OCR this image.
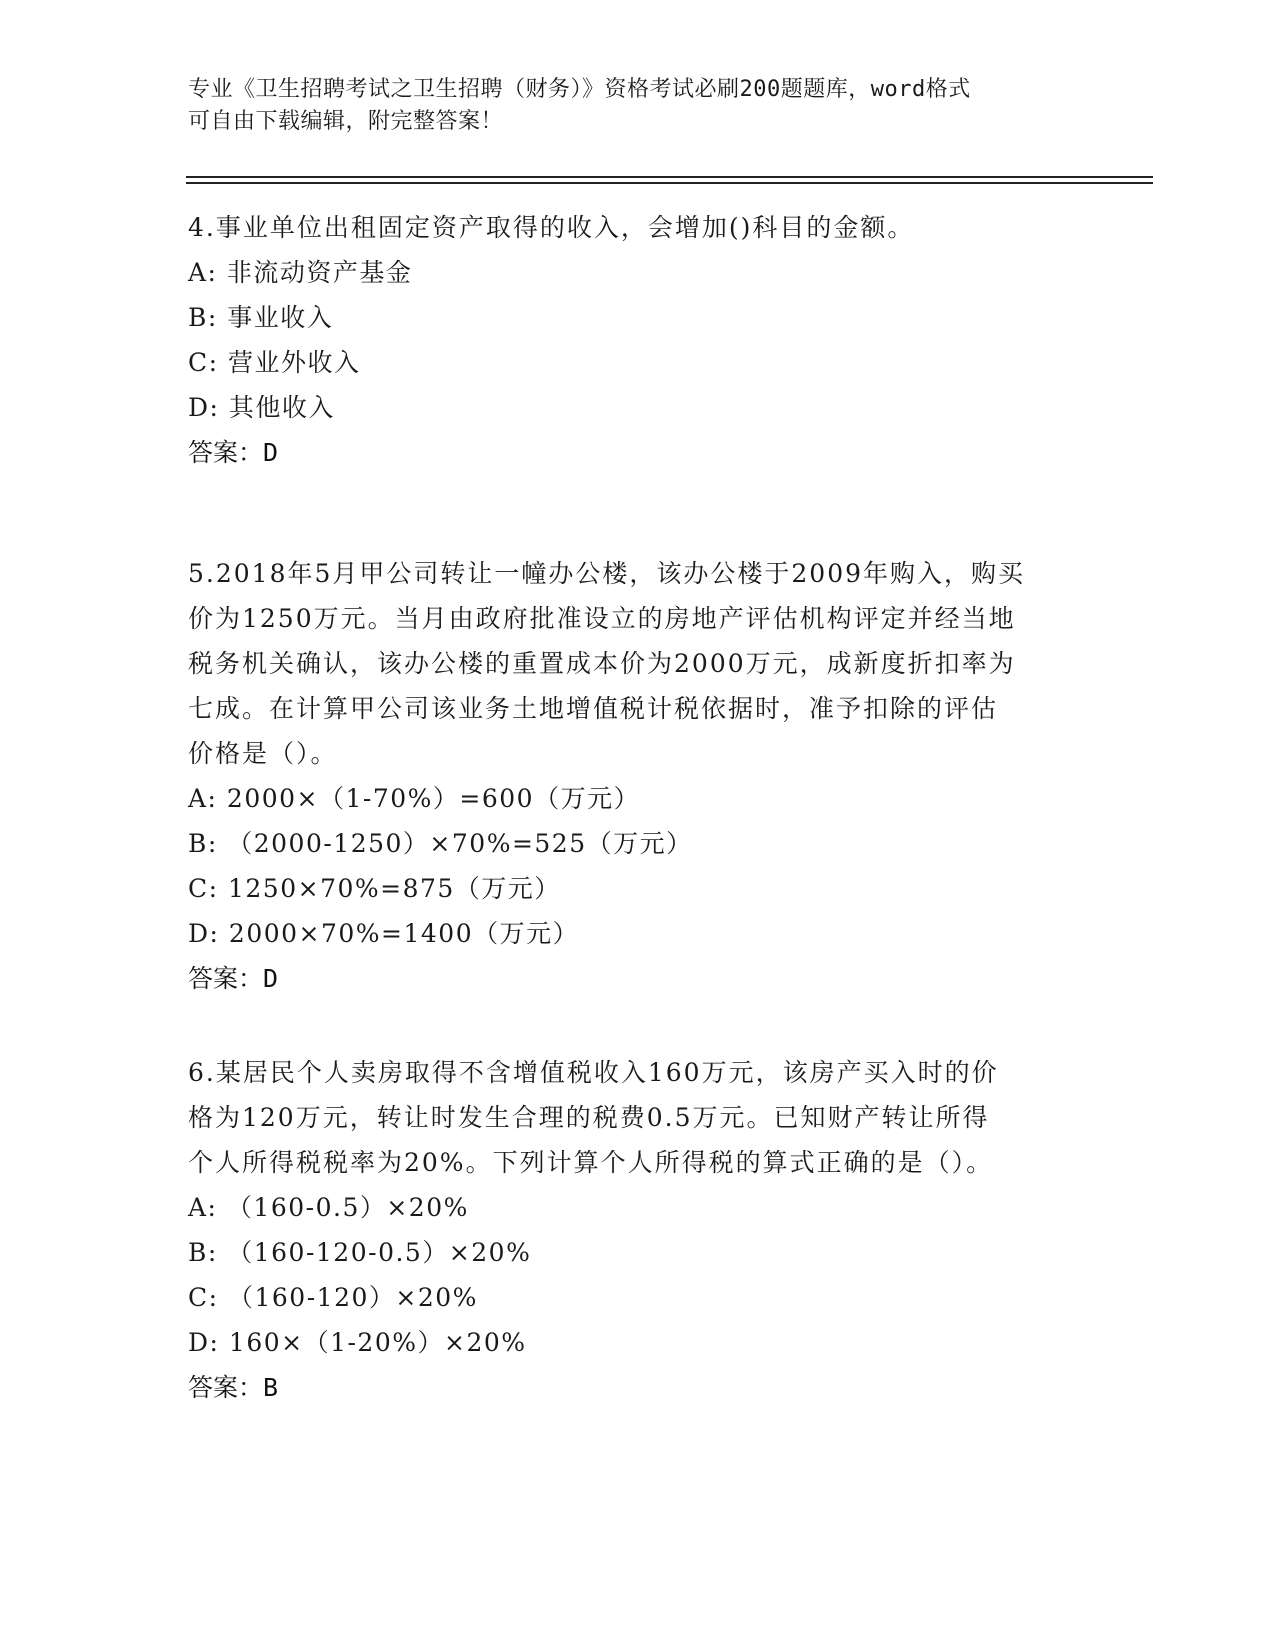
专业《卫生招聘考试之卫生招聘（财务）》资格考试必刷200题题库，word格式
可自由下载编辑，附完整答案！

4.事业单位出租固定资产取得的收入，会增加()科目的金额。

A: 非流动资产基金

B: 事业收入

C: 营业外收入

D: 其他收入

答案：D

5.2018年5月甲公司转让一幢办公楼，该办公楼于2009年购入，购买

价为1250万元。当月由政府批准设立的房地产评估机构评定并经当地

税务机关确认，该办公楼的重置成本价为2000万元，成新度折扣率为

七成。在计算甲公司该业务土地增值税计税依据时，准予扣除的评估

价格是（）。

A: 2000×（1-70%）=600（万元）

B: （2000-1250）×70%=525（万元）

C: 1250×70%=875（万元）

D: 2000×70%=1400（万元）

答案：D

6.某居民个人卖房取得不含增值税收入160万元，该房产买入时的价

格为120万元，转让时发生合理的税费0.5万元。已知财产转让所得

个人所得税税率为20%。下列计算个人所得税的算式正确的是（）。

A: （160-0.5）×20%

B: （160-120-0.5）×20%

C: （160-120）×20%

D: 160×（1-20%）×20%

答案：B
